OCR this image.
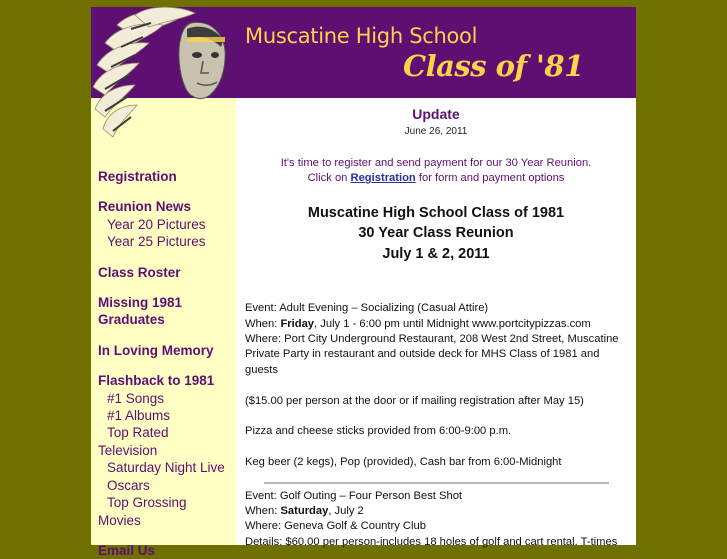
Muscatine High School
Class of '81
Registration
Reunion News
Year 20 Pictures
Year 25 Pictures
Class Roster
Missing 1981
Graduates
In Loving Memory
Flashback to 1981
#1 Songs
#1 Albums
Top Rated
Television
Saturday Night Live
Oscars
Top Grossing
Movies
Email Us
Update
June 26, 2011

It's time to register and send payment for our 30 Year Reunion.
Click on Registration for form and payment options

Muscatine High School Class of 1981
30 Year Class Reunion
July 1 & 2, 2011

Event: Adult Evening – Socializing (Casual Attire)

When: Friday, July 1 - 6:00 pm until Midnight www.portcitypizzas.com

Where: Port City Underground Restaurant, 208 West 2nd Street, Muscatine

Private Party in restaurant and outside deck for MHS Class of 1981 and guests

($15.00 per person at the door or if mailing registration after May 15)

Pizza and cheese sticks provided from 6:00-9:00 p.m.

Keg beer (2 kegs), Pop (provided), Cash bar from 6:00-Midnight

Event: Golf Outing – Four Person Best Shot

When: Saturday, July 2

Where: Geneva Golf & Country Club

Details: $60.00 per person-includes 18 holes of golf and cart rental. T-times
